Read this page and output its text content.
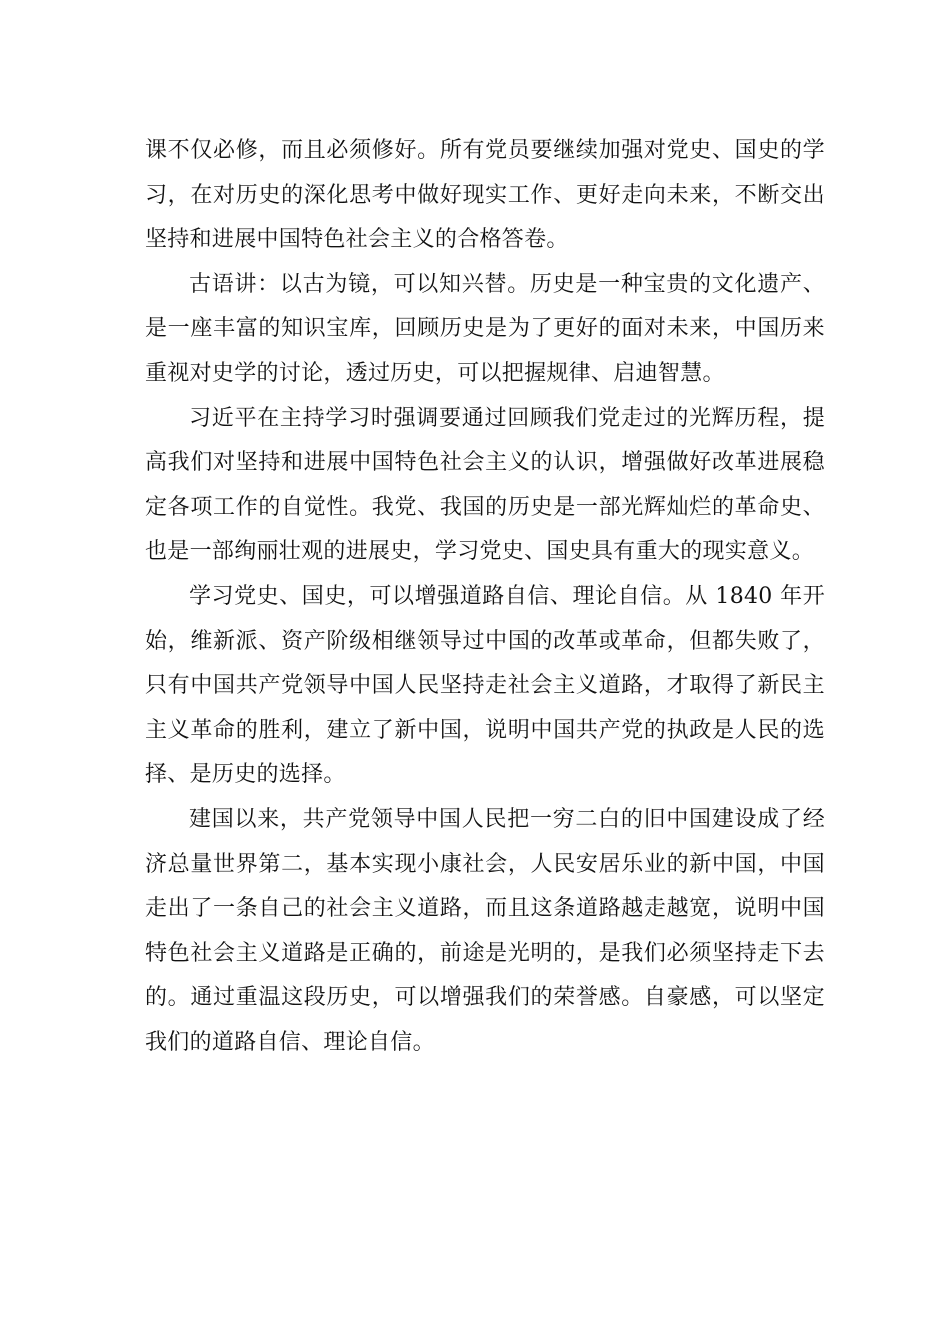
课不仅必修，而且必须修好。所有党员要继续加强对党史、国史的学习，在对历史的深化思考中做好现实工作、更好走向未来，不断交出坚持和进展中国特色社会主义的合格答卷。

古语讲：以古为镜，可以知兴替。历史是一种宝贵的文化遗产、是一座丰富的知识宝库，回顾历史是为了更好的面对未来，中国历来重视对史学的讨论，透过历史，可以把握规律、启迪智慧。

习近平在主持学习时强调要通过回顾我们党走过的光辉历程，提高我们对坚持和进展中国特色社会主义的认识，增强做好改革进展稳定各项工作的自觉性。我党、我国的历史是一部光辉灿烂的革命史、也是一部绚丽壮观的进展史，学习党史、国史具有重大的现实意义。

学习党史、国史，可以增强道路自信、理论自信。从 1840 年开始，维新派、资产阶级相继领导过中国的改革或革命，但都失败了，只有中国共产党领导中国人民坚持走社会主义道路，才取得了新民主主义革命的胜利，建立了新中国，说明中国共产党的执政是人民的选择、是历史的选择。

建国以来，共产党领导中国人民把一穷二白的旧中国建设成了经济总量世界第二，基本实现小康社会，人民安居乐业的新中国，中国走出了一条自己的社会主义道路，而且这条道路越走越宽，说明中国特色社会主义道路是正确的，前途是光明的，是我们必须坚持走下去的。通过重温这段历史，可以增强我们的荣誉感。自豪感，可以坚定我们的道路自信、理论自信。
